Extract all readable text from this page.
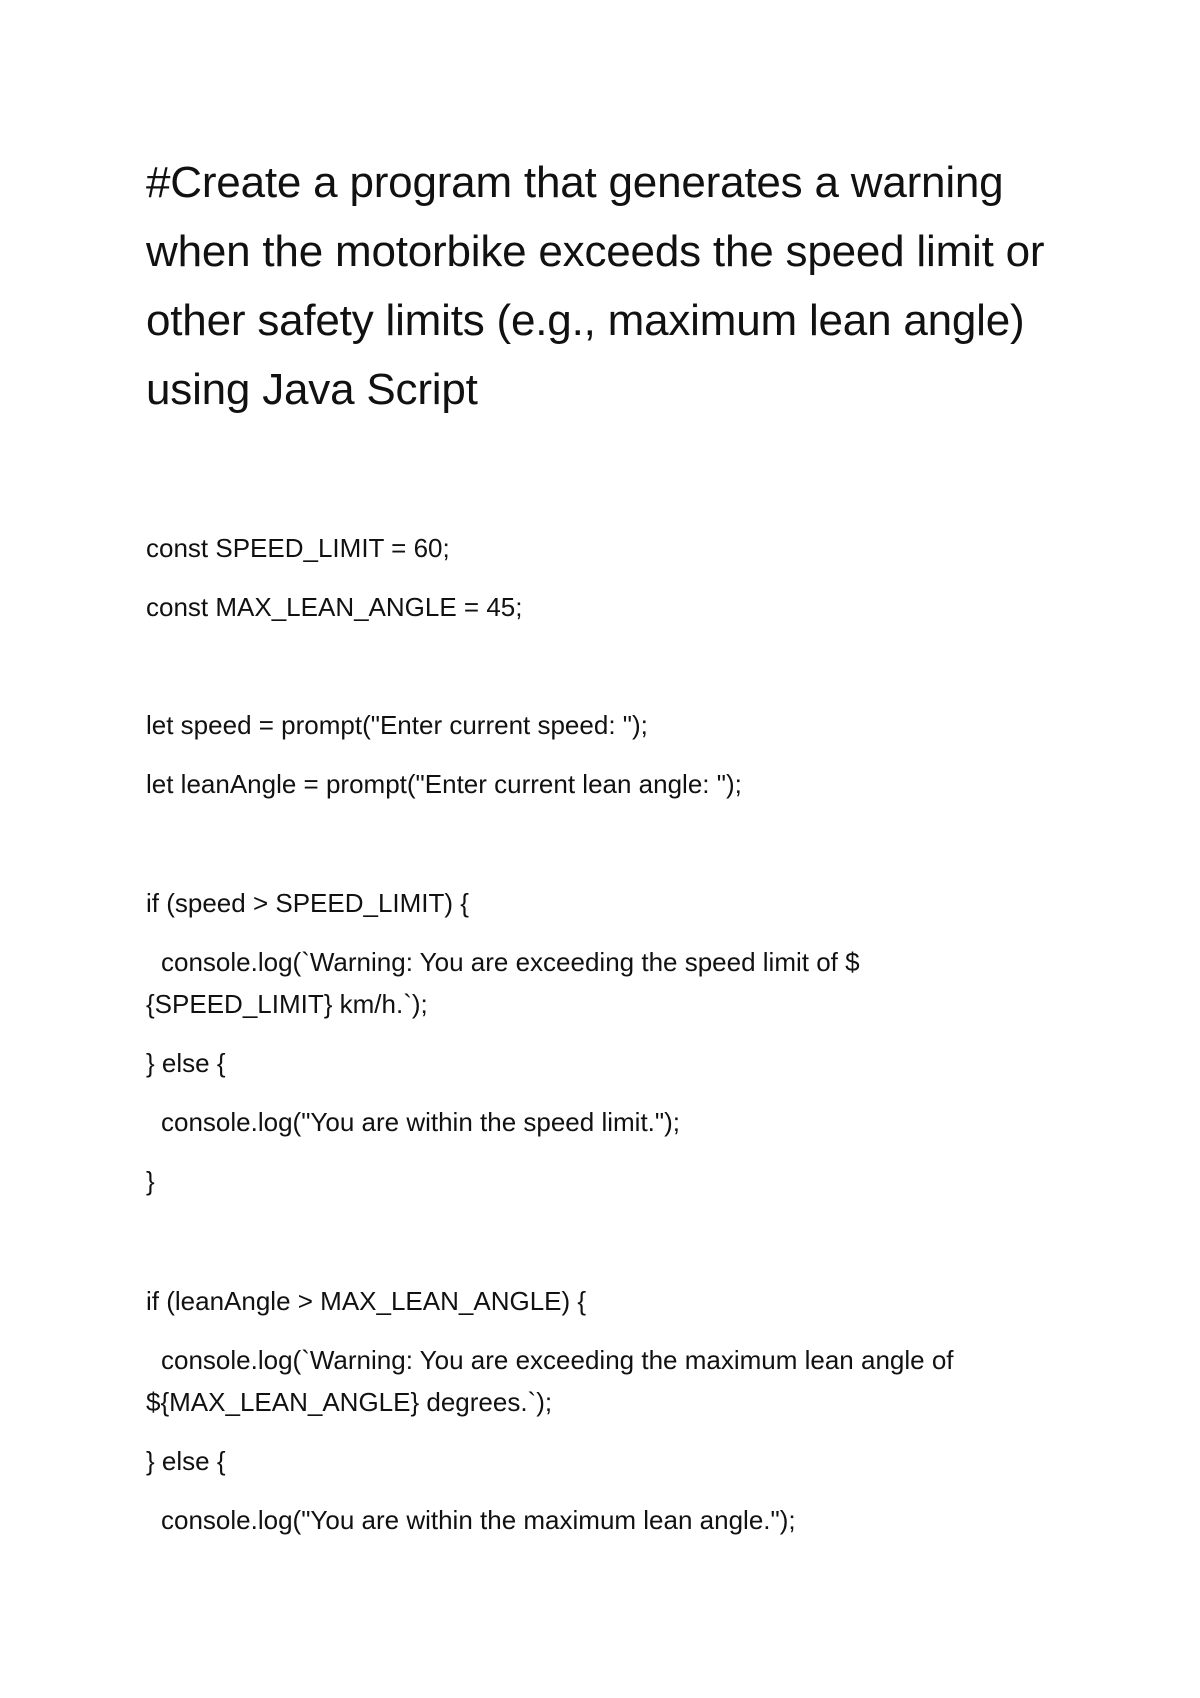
#Create a program that generates a warning when the motorbike exceeds the speed limit or other safety limits (e.g., maximum lean angle) using Java Script
const SPEED_LIMIT = 60;
const MAX_LEAN_ANGLE = 45;
let speed = prompt("Enter current speed: ");
let leanAngle = prompt("Enter current lean angle: ");
if (speed > SPEED_LIMIT) {
console.log(`Warning: You are exceeding the speed limit of $
{SPEED_LIMIT} km/h.`);
} else {
console.log("You are within the speed limit.");
}
if (leanAngle > MAX_LEAN_ANGLE) {
console.log(`Warning: You are exceeding the maximum lean angle of
${MAX_LEAN_ANGLE} degrees.`);
} else {
console.log("You are within the maximum lean angle.");
